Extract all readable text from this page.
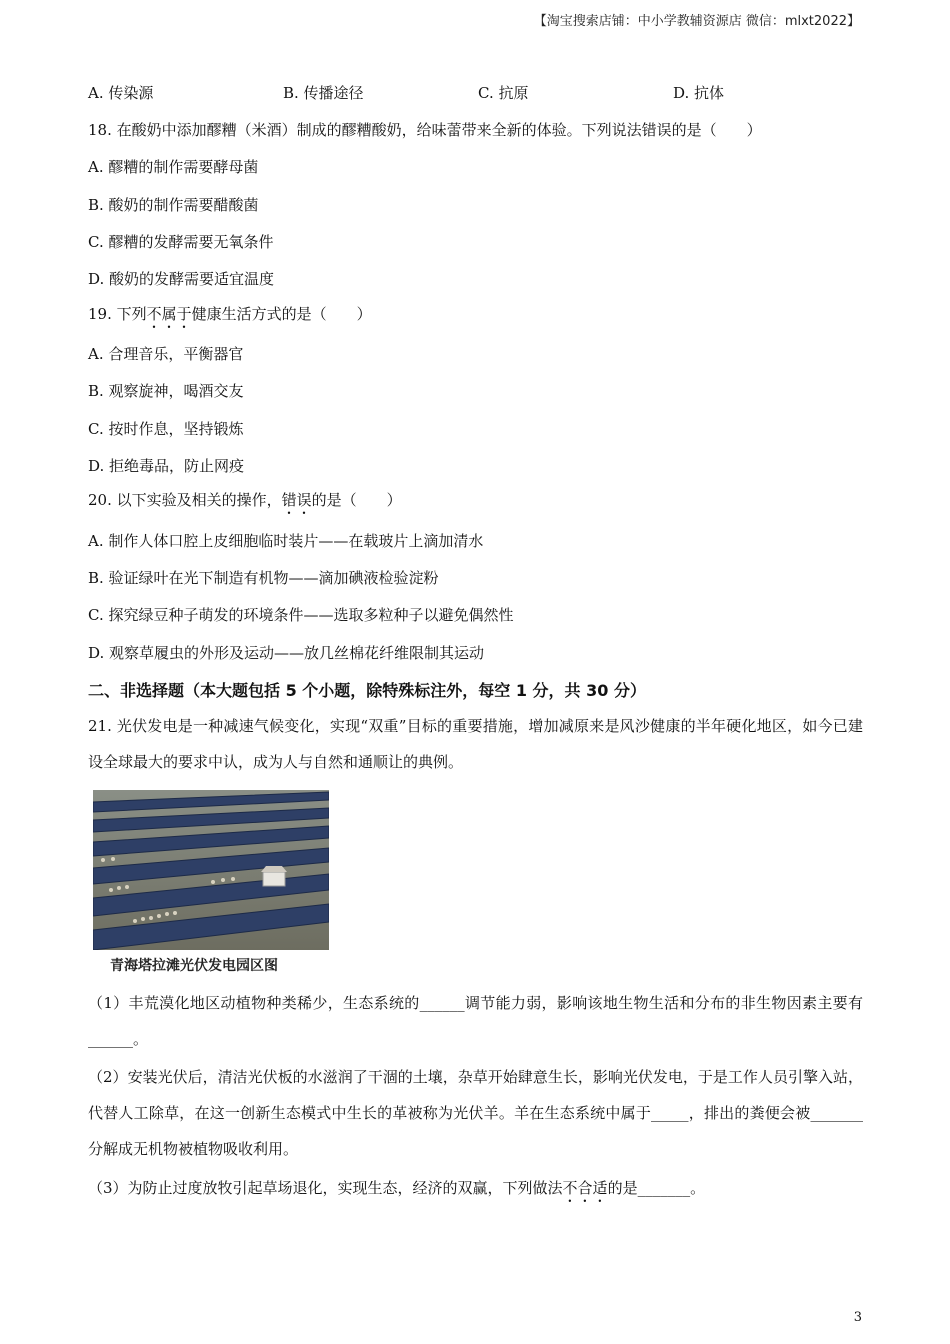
【淘宝搜索店铺：中小学教辅资源店 微信：mlxt2022】
A. 传染源	B. 传播途径	C. 抗原	D. 抗体
18. 在酸奶中添加醪糟（米酒）制成的醪糟酸奶，给味蕾带来全新的体验。下列说法错误的是（　　）
A. 醪糟的制作需要酵母菌
B. 酸奶的制作需要醋酸菌
C. 醪糟的发酵需要无氧条件
D. 酸奶的发酵需要适宜温度
19. 下列不属于健康生活方式的是（　　）
A. 合理音乐，平衡器官
B. 观察旋神，喝酒交友
C. 按时作息，坚持锻炼
D. 拒绝毒品，防止网疫
20. 以下实验及相关的操作，错误的是（　　）
A. 制作人体口腔上皮细胞临时装片——在载玻片上滴加清水
B. 验证绿叶在光下制造有机物——滴加碘液检验淀粉
C. 探究绿豆种子萌发的环境条件——选取多粒种子以避免偶然性
D. 观察草履虫的外形及运动——放几丝棉花纤维限制其运动
二、非选择题（本大题包括 5 个小题，除特殊标注外，每空 1 分，共 30 分）
21. 光伏发电是一种减速气候变化，实现“双重”目标的重要措施，增加减原来是风沙健康的半年硬化地区，如今已建设全球最大的要求中认，成为人与自然和通顺让的典例。
青海塔拉滩光伏发电园区图
（1）丰荒漠化地区动植物种类稀少，生态系统的______调节能力弱，影响该地生物生活和分布的非生物因素主要有______。
（2）安装光伏后，清洁光伏板的水滋润了干涸的土壤，杂草开始肆意生长，影响光伏发电，于是工作人员引擎入站，代替人工除草，在这一创新生态模式中生长的革被称为光伏羊。羊在生态系统中属于_____，排出的粪便会被_______分解成无机物被植物吸收利用。
（3）为防止过度放牧引起草场退化，实现生态，经济的双赢，下列做法不合适的是_______。
3
